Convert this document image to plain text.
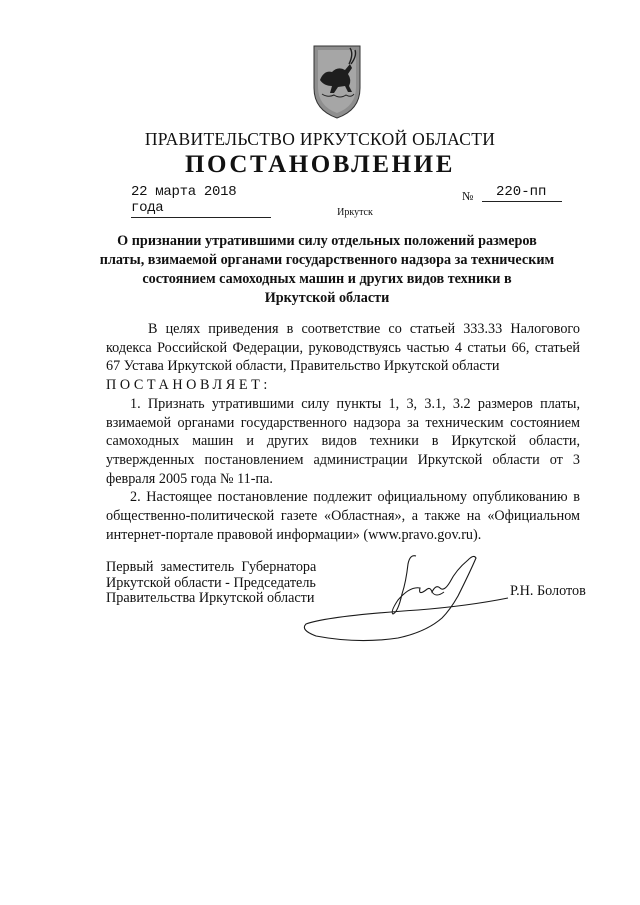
ПРАВИТЕЛЬСТВО ИРКУТСКОЙ ОБЛАСТИ
ПОСТАНОВЛЕНИЕ
22 марта 2018 года
№	220-пп
Иркутск
О признании утратившими силу отдельных положений размеров
платы, взимаемой органами государственного надзора за техническим
состоянием самоходных машин и других видов техники в
Иркутской области

В целях приведения в соответствие со статьей 333.33 Налогового кодекса Российской Федерации, руководствуясь частью 4 статьи 66, статьей 67 Устава Иркутской области, Правительство Иркутской области

ПОСТАНОВЛЯЕТ:

1. Признать утратившими силу пункты 1, 3, 3.1, 3.2 размеров платы, взимаемой органами государственного надзора за техническим состоянием самоходных машин и других видов техники в Иркутской области, утвержденных постановлением администрации Иркутской области от 3 февраля 2005 года № 11-па.

2. Настоящее постановление подлежит официальному опубликованию в общественно-политической газете «Областная», а также на «Официальном интернет-портале правовой информации» (www.pravo.gov.ru).

Первый  заместитель  Губернатора
Иркутской области - Председатель
Правительства Иркутской области	Р.Н. Болотов
